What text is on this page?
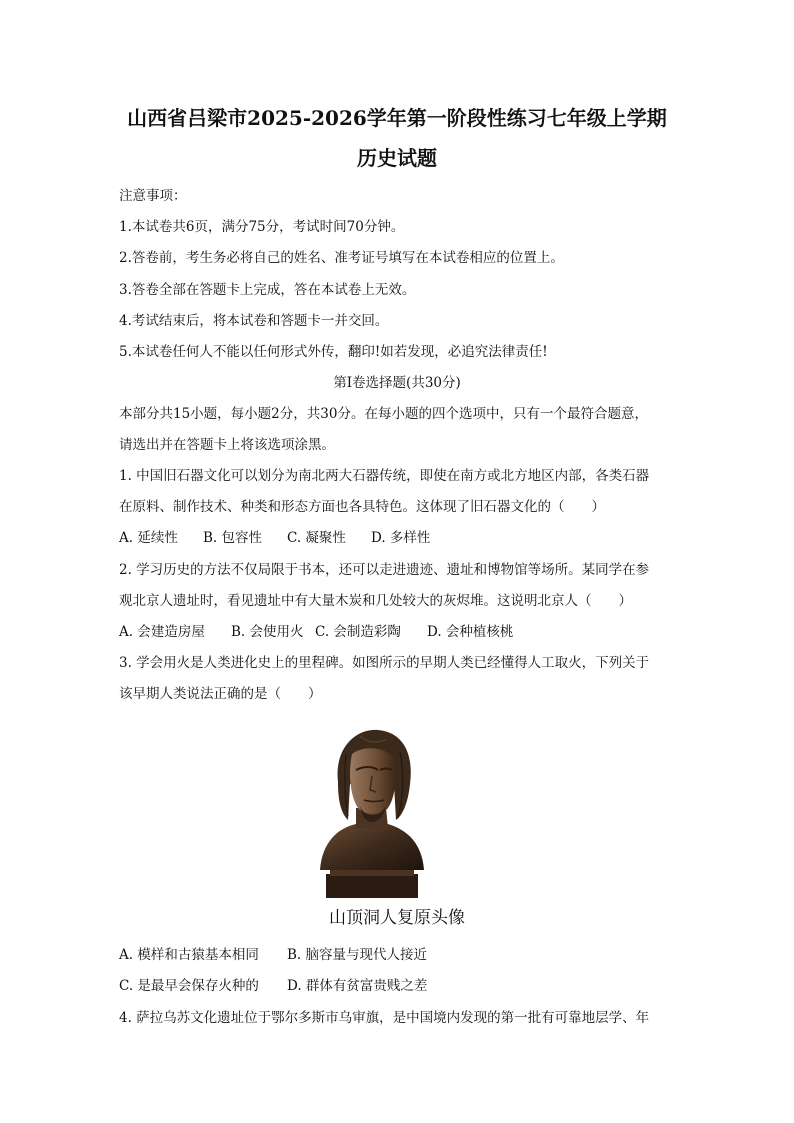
山西省吕梁市2025-2026学年第一阶段性练习七年级上学期
历史试题
注意事项：
1.本试卷共6页，满分75分，考试时间70分钟。
2.答卷前，考生务必将自己的姓名、准考证号填写在本试卷相应的位置上。
3.答卷全部在答题卡上完成，答在本试卷上无效。
4.考试结束后，将本试卷和答题卡一并交回。
5.本试卷任何人不能以任何形式外传，翻印!如若发现，必追究法律责任!
第Ⅰ卷选择题(共30分)
本部分共15小题，每小题2分，共30分。在每小题的四个选项中，只有一个最符合题意，
请选出并在答题卡上将该选项涂黑。
1. 中国旧石器文化可以划分为南北两大石器传统，即使在南方或北方地区内部，各类石器
在原料、制作技术、种类和形态方面也各具特色。这体现了旧石器文化的（　　）
A. 延续性 B. 包容性 C. 凝聚性 D. 多样性
2. 学习历史的方法不仅局限于书本，还可以走进遗迹、遗址和博物馆等场所。某同学在参
观北京人遗址时，看见遗址中有大量木炭和几处较大的灰烬堆。这说明北京人（　　）
A. 会建造房屋 B. 会使用火 C. 会制造彩陶 D. 会种植核桃
3. 学会用火是人类进化史上的里程碑。如图所示的早期人类已经懂得人工取火，下列关于
该早期人类说法正确的是（　　）
山顶洞人复原头像
A. 模样和古猿基本相同 B. 脑容量与现代人接近
C. 是最早会保存火种的 D. 群体有贫富贵贱之差
4. 萨拉乌苏文化遗址位于鄂尔多斯市乌审旗，是中国境内发现的第一批有可靠地层学、年
